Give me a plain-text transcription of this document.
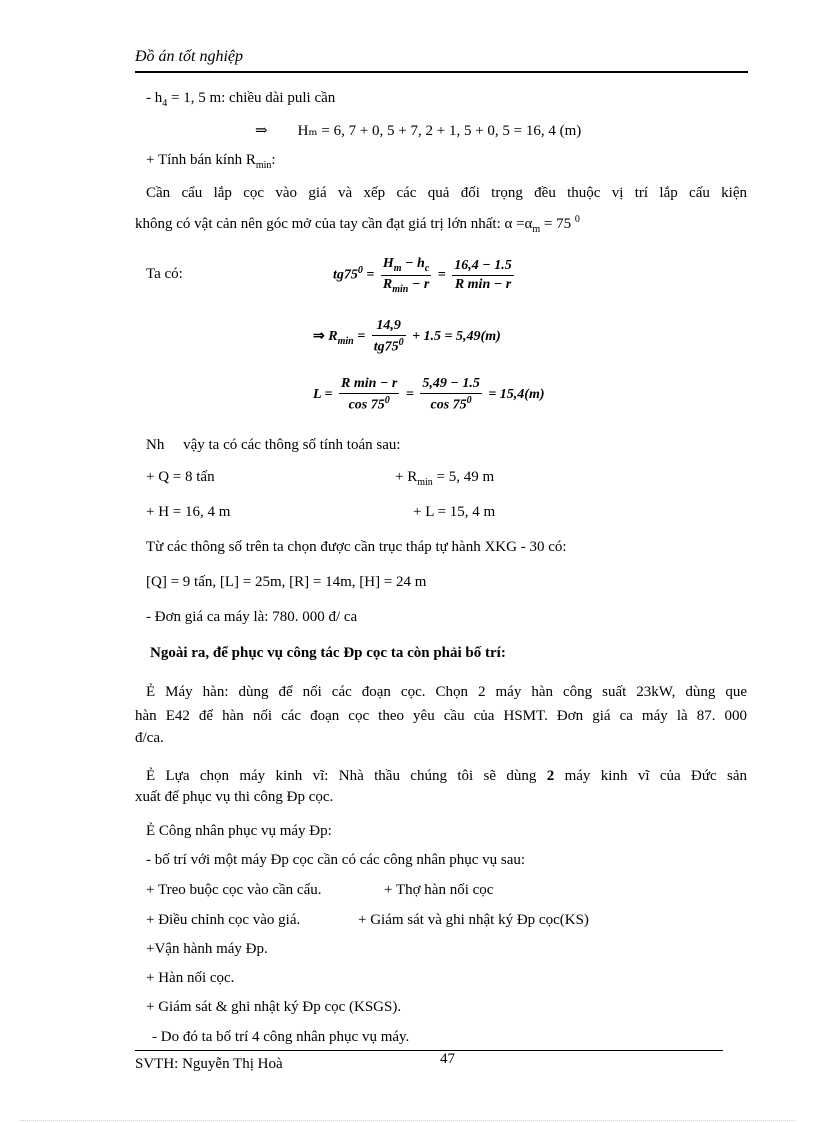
Đồ án tốt nghiệp
- $h_4 = 1$, 5 m: chiều dài puli cần
⇒ Hₘ = 6, 7 + 0, 5 + 7, 2 + 1, 5 + 0, 5 = 16, 4 (m)
+ Tính bán kính $R_{min}$:
Cần cẩu lắp cọc vào giá và xếp các quả đối trọng đều thuộc vị trí lắp cấu kiện
không có vật cản nên góc mở của tay cần đạt giá trị lớn nhất: $\alpha =\alpha_m = 75$ $^0$
Ta có:	$tg75^0 = \frac{H_m - h_c}{R_{min} - r} = \frac{16,4 - 1.5}{\text{R min − r}}$
⇒ $R_{min} = \frac{14,9}{tg75^0} + 1.5 = 5,49(m)$
$L = \frac{\text{R min − r}}{\cos 75^0} = \frac{5,49 - 1.5}{\cos 75^0} = 15,4(m)$
Nh     vậy ta có các thông số tính toán sau:
+ Q = 8 tấn	+ $R_{min} = 5$, 49 m
+ H = 16, 4 m	+ L = 15, 4 m
Từ các thông số trên ta chọn được cần trục tháp tự hành XKG - 30 có:
[Q] = 9 tấn, [L] = 25m, [R] = 14m, [H] = 24 m
- Đơn giá ca máy là: 780. 000 đ/ ca
Ngoài ra, để phục vụ công tác Đp cọc ta còn phải bố trí:
Ẻ Máy hàn: dùng để nối các đoạn cọc. Chọn 2 máy hàn công suất 23kW, dùng que
hàn E42 để hàn nối các đoạn cọc theo yêu cầu của HSMT. Đơn giá ca máy là 87. 000
đ/ca.
Ẻ Lựa chọn máy kinh vĩ: Nhà thầu chúng tôi sẽ dùng 2 máy kinh vĩ của Đức sản
xuất để phục vụ thi công Đp cọc.
Ẻ Công nhân phục vụ máy Đp:
- bố trí với một máy Đp cọc cần có các công nhân phục vụ sau:
+ Treo buộc cọc vào cần cẩu.	+ Thợ hàn nối cọc
+ Điều chỉnh cọc vào giá.	+ Giám sát và ghi nhật ký Đp cọc(KS)
+Vận hành máy Đp.
+ Hàn nối cọc.
+ Giám sát & ghi nhật ký Đp cọc (KSGS).
- Do đó ta bố trí 4 công nhân phục vụ máy.
SVTH: Nguyễn Thị Hoà	47
